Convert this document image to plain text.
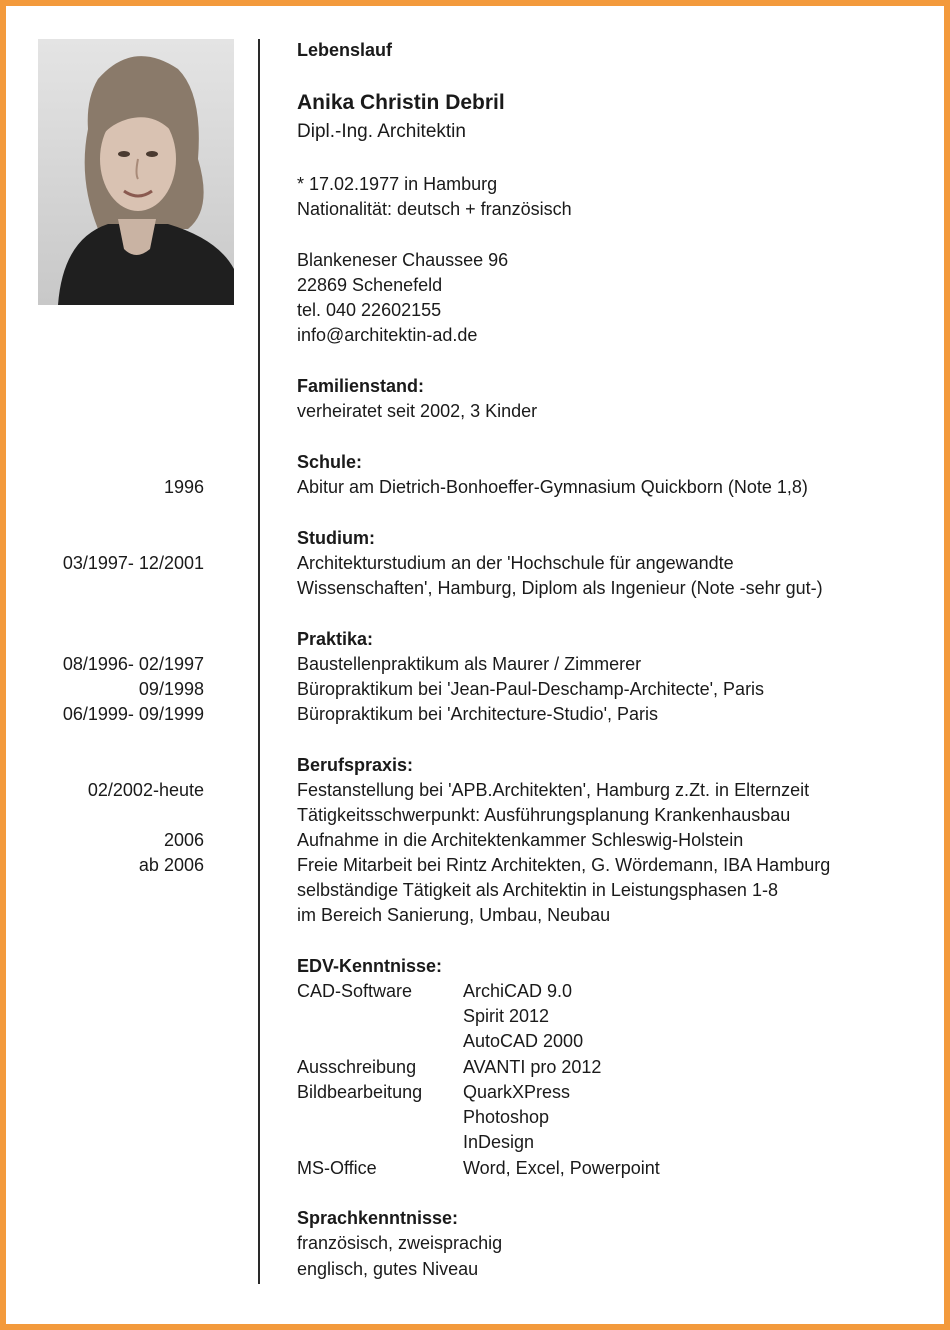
Lebenslauf
Anika Christin Debril
Dipl.-Ing. Architektin
* 17.02.1977 in Hamburg
Nationalität: deutsch + französisch
Blankeneser Chaussee 96
22869 Schenefeld
tel. 040 22602155
info@architektin-ad.de
Familienstand:
verheiratet seit 2002, 3 Kinder
Schule:
1996	Abitur am Dietrich-Bonhoeffer-Gymnasium Quickborn (Note 1,8)
Studium:
03/1997- 12/2001	Architekturstudium an der 'Hochschule für angewandte
Wissenschaften', Hamburg, Diplom als Ingenieur (Note -sehr gut-)
Praktika:
08/1996- 02/1997	Baustellenpraktikum als Maurer / Zimmerer
09/1998	Büropraktikum bei 'Jean-Paul-Deschamp-Architecte', Paris
06/1999- 09/1999	Büropraktikum bei 'Architecture-Studio', Paris
Berufspraxis:
02/2002-heute	Festanstellung bei 'APB.Architekten', Hamburg z.Zt. in Elternzeit
Tätigkeitsschwerpunkt: Ausführungsplanung Krankenhausbau
2006	Aufnahme in die Architektenkammer Schleswig-Holstein
ab 2006	Freie Mitarbeit bei Rintz Architekten, G. Wördemann, IBA Hamburg
selbständige Tätigkeit als Architektin in Leistungsphasen 1-8
im Bereich Sanierung, Umbau, Neubau
EDV-Kenntnisse:
CAD-Software	ArchiCAD 9.0
Spirit 2012
AutoCAD 2000
Ausschreibung	AVANTI pro 2012
Bildbearbeitung QuarkXPress
Photoshop
InDesign
MS-Office	Word, Excel, Powerpoint
Sprachkenntnisse:
französisch, zweisprachig
englisch, gutes Niveau
